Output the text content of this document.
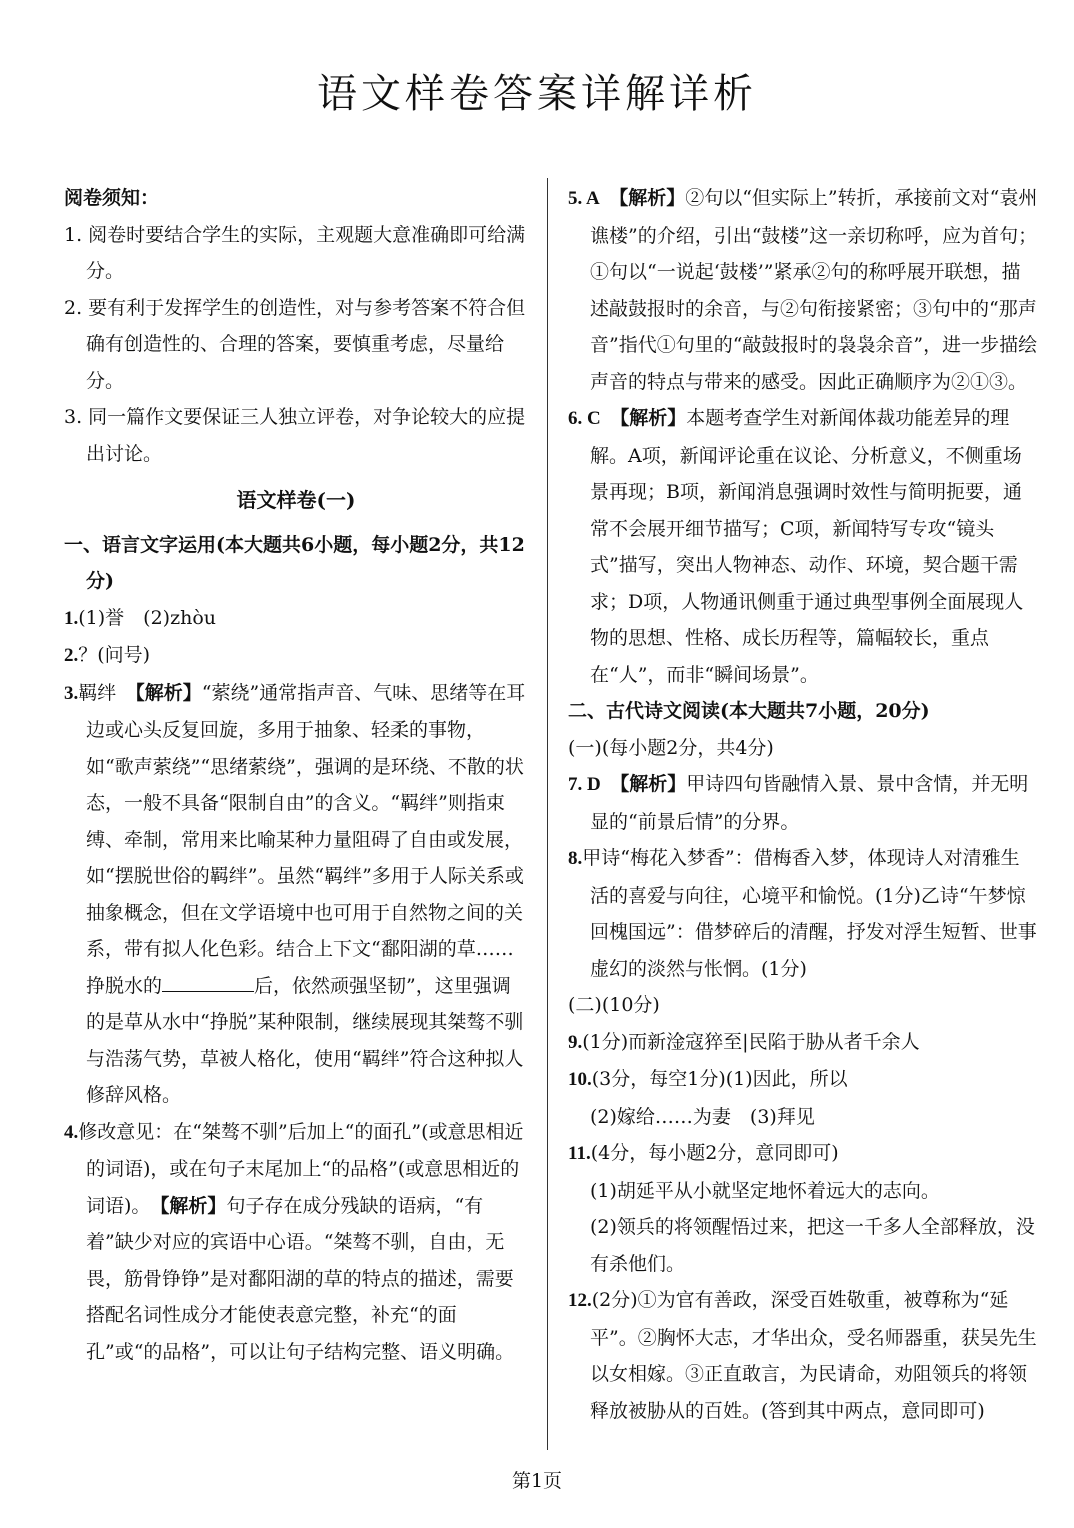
语文样卷答案详解详析
阅卷须知：
1. 阅卷时要结合学生的实际，主观题大意准确即可给满分。
2. 要有利于发挥学生的创造性，对与参考答案不符合但确有创造性的、合理的答案，要慎重考虑，尽量给分。
3. 同一篇作文要保证三人独立评卷，对争论较大的应提出讨论。
语文样卷(一)
一、语言文字运用(本大题共6小题，每小题2分，共12分)
1.(1)誉　(2)zhòu
2.？(问号)
3.羁绊　【解析】“萦绕”通常指声音、气味、思绪等在耳边或心头反复回旋，多用于抽象、轻柔的事物，如“歌声萦绕”“思绪萦绕”，强调的是环绕、不散的状态，一般不具备“限制自由”的含义。“羁绊”则指束缚、牵制，常用来比喻某种力量阻碍了自由或发展，如“摆脱世俗的羁绊”。虽然“羁绊”多用于人际关系或抽象概念，但在文学语境中也可用于自然物之间的关系，带有拟人化色彩。结合上下文“鄱阳湖的草……挣脱水的	后，依然顽强坚韧”，这里强调的是草从水中“挣脱”某种限制，继续展现其桀骜不驯与浩荡气势，草被人格化，使用“羁绊”符合这种拟人修辞风格。
4.修改意见：在“桀骜不驯”后加上“的面孔”(或意思相近的词语)，或在句子末尾加上“的品格”(或意思相近的词语)。　【解析】句子存在成分残缺的语病，“有着”缺少对应的宾语中心语。“桀骜不驯，自由，无畏，筋骨铮铮”是对鄱阳湖的草的特点的描述，需要搭配名词性成分才能使表意完整，补充“的面孔”或“的品格”，可以让句子结构完整、语义明确。
5. A　 【解析】②句以“但实际上”转折，承接前文对“袁州谯楼”的介绍，引出“鼓楼”这一亲切称呼，应为首句；①句以“一说起‘鼓楼’”紧承②句的称呼展开联想，描述敲鼓报时的余音，与②句衔接紧密；③句中的“那声音”指代①句里的“敲鼓报时的袅袅余音”，进一步描绘声音的特点与带来的感受。因此正确顺序为②①③。
6. C　 【解析】本题考查学生对新闻体裁功能差异的理解。A项，新闻评论重在议论、分析意义，不侧重场景再现；B项，新闻消息强调时效性与简明扼要，通常不会展开细节描写；C项，新闻特写专攻“镜头式”描写，突出人物神态、动作、环境，契合题干需求；D项，人物通讯侧重于通过典型事例全面展现人物的思想、性格、成长历程等，篇幅较长，重点在“人”，而非“瞬间场景”。
二、古代诗文阅读(本大题共7小题，20分)
(一)(每小题2分，共4分)
7. D　 【解析】甲诗四句皆融情入景、景中含情，并无明显的“前景后情”的分界。
8.甲诗“梅花入梦香”：借梅香入梦，体现诗人对清雅生活的喜爱与向往，心境平和愉悦。(1分)乙诗“午梦惊回槐国远”：借梦碎后的清醒，抒发对浮生短暂、世事虚幻的淡然与怅惘。(1分)
(二)(10分)
9.(1分)而新淦寇猝至|民陷于胁从者千余人
10.(3分，每空1分)(1)因此，所以
(2)嫁给……为妻　(3)拜见
11.(4分，每小题2分，意同即可)
(1)胡延平从小就坚定地怀着远大的志向。
(2)领兵的将领醒悟过来，把这一千多人全部释放，没有杀他们。
12.(2分)①为官有善政，深受百姓敬重，被尊称为“延平”。②胸怀大志，才华出众，受名师器重，获吴先生以女相嫁。③正直敢言，为民请命，劝阻领兵的将领释放被胁从的百姓。(答到其中两点，意同即可)
第1页
